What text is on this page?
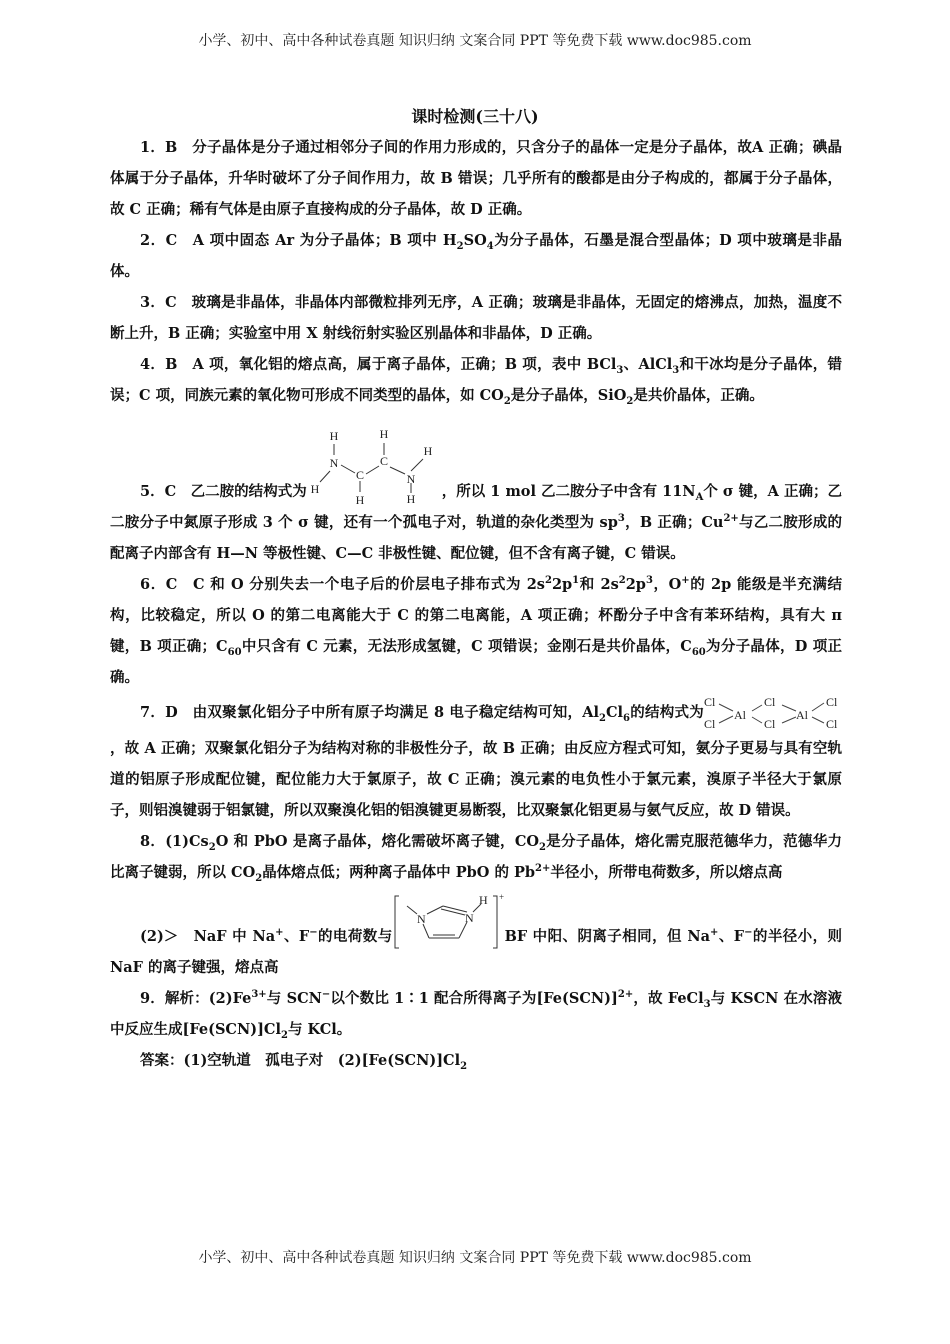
小学、初中、高中各种试卷真题 知识归纳 文案合同 PPT 等免费下载 www.doc985.com
课时检测(三十八)

1．B　分子晶体是分子通过相邻分子间的作用力形成的，只含分子的晶体一定是分子晶体，故A 正确；碘晶体属于分子晶体，升华时破坏了分子间作用力，故 B 错误；几乎所有的酸都是由分子构成的，都属于分子晶体，故 C 正确；稀有气体是由原子直接构成的分子晶体，故 D 正确。

2．C　A 项中固态 Ar 为分子晶体；B 项中 $H_2SO_4$为分子晶体，石墨是混合型晶体；D 项中玻璃是非晶体。

3．C　玻璃是非晶体，非晶体内部微粒排列无序，A 正确；玻璃是非晶体，无固定的熔沸点，加热，温度不断上升，B 正确；实验室中用 X 射线衍射实验区别晶体和非晶体，D 正确。

4．B　A 项，氧化铝的熔点高，属于离子晶体，正确；B 项，表中 BCl$_3$、AlCl$_3$和干冰均是分子晶体，错误；C 项，同族元素的氧化物可形成不同类型的晶体，如 $CO_2$是分子晶体，SiO$_2$是共价晶体，正确。

5．C　乙二胺的结构式为
H
N
H
C
H
C
H
N
H
H ，所以 1 mol 乙二胺分子中含有 $11N_A$个 σ 键，A 正确；乙二胺分子中氮原子形成 3 个 σ 键，还有一个孤电子对，轨道的杂化类型为 $sp^3$，B 正确；$Cu^{2+}$与乙二胺形成的配离子内部含有 H—N 等极性键、C—C 非极性键、配位键，但不含有离子键，C 错误。

6．C　C 和 O 分别失去一个电子后的价层电子排布式为 $2s^22p^1$和 $2s^22p^3$，O+的 2p 能级是半充满结构，比较稳定，所以 O 的第二电离能大于 C 的第二电离能，A 项正确；杯酚分子中含有苯环结构，具有大 π 键，B 项正确；$C_{60}$中只含有 C 元素，无法形成氢键，C 项错误；金刚石是共价晶体，$C_{60}$为分子晶体，D 项正确。

7．D　由双聚氯化铝分子中所有原子均满足 8 电子稳定结构可知，$Al_2Cl_6$的结构式为
Cl
Cl
Al
Cl
Cl
Al
Cl
Cl
，故 A 正确；双聚氯化铝分子为结构对称的非极性分子，故 B 正确；由反应方程式可知，氨分子更易与具有空轨道的铝原子形成配位键，配位能力大于氯原子，故 C 正确；溴元素的电负性小于氯元素，溴原子半径大于氯原子，则铝溴键弱于铝氯键，所以双聚溴化铝的铝溴键更易断裂，比双聚氯化铝更易与氨气反应，故 D 错误。

8．$(1)Cs_2O$ 和 PbO 是离子晶体，熔化需破坏离子键，$CO_2$是分子晶体，熔化需克服范德华力，范德华力比离子键弱，所以 $CO_2$晶体熔点低；两种离子晶体中 PbO 的 $Pb^{2+}$半径小，所带电荷数多，所以熔点高

(2)＞　NaF 中 Na+、F−的电荷数与
N	N
H +
BF 中阳、阴离子相同，但 Na+、F−的半径小，则 NaF 的离子键强，熔点高

9．解析：$(2)Fe^{3+}$与 SCN−以个数比 1∶1 配合所得离子为$[Fe(SCN)]^{2+}$，故 FeCl$_3$与 KSCN 在水溶液中反应生成$[Fe(SCN)]Cl_2$与 KCl。

答案：(1)空轨道　孤电子对　$(2)[Fe(SCN)]Cl_2$

小学、初中、高中各种试卷真题 知识归纳 文案合同 PPT 等免费下载 www.doc985.com
